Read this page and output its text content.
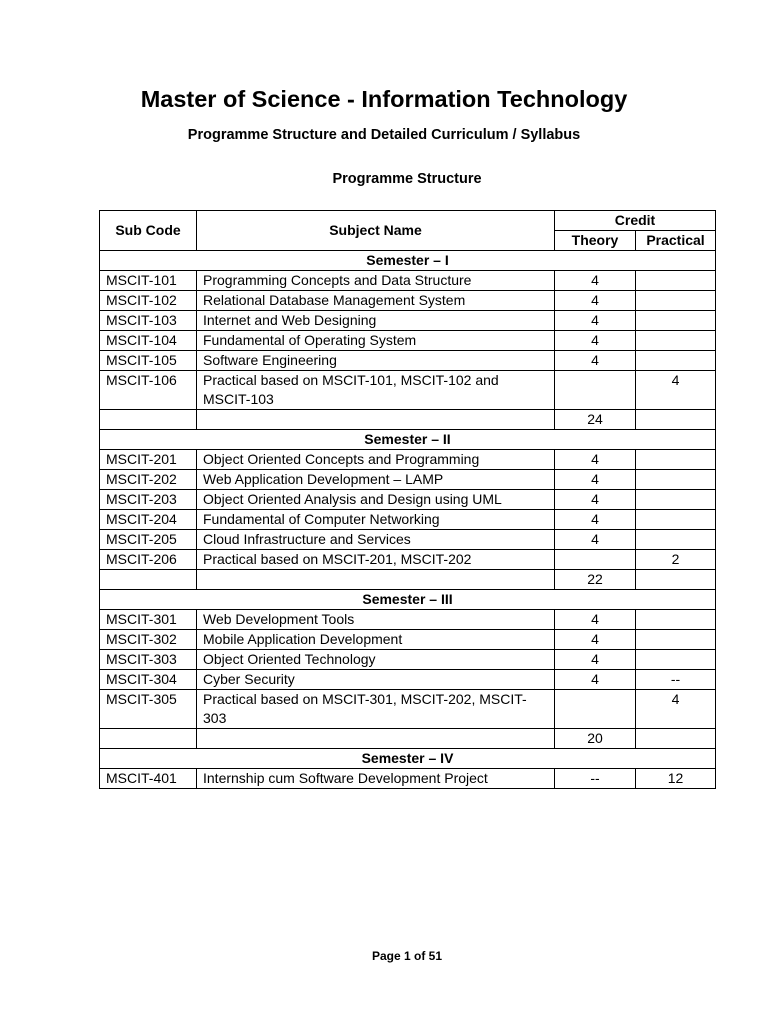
Master of Science - Information Technology
Programme Structure and Detailed Curriculum / Syllabus
Programme Structure
Sub Code	Subject Name	Credit	
		Theory	Practical
Semester – I			
MSCIT-101	Programming Concepts and Data Structure	4	
MSCIT-102	Relational Database Management System	4	
MSCIT-103	Internet and Web Designing	4	
MSCIT-104	Fundamental of Operating System	4	
MSCIT-105	Software Engineering	4	
MSCIT-106	Practical based on MSCIT-101, MSCIT-102 and MSCIT-103		4
		24	
Semester – II			
MSCIT-201	Object Oriented Concepts and Programming	4	
MSCIT-202	Web Application Development – LAMP	4	
MSCIT-203	Object Oriented Analysis and Design using UML	4	
MSCIT-204	Fundamental of Computer Networking	4	
MSCIT-205	Cloud Infrastructure and Services	4	
MSCIT-206	Practical based on MSCIT-201, MSCIT-202		2
		22	
Semester – III			
MSCIT-301	Web Development Tools	4	
MSCIT-302	Mobile Application Development	4	
MSCIT-303	Object Oriented Technology	4	
MSCIT-304	Cyber Security	4	--
MSCIT-305	Practical based on MSCIT-301, MSCIT-202, MSCIT-303		4
		20	
Semester – IV			
MSCIT-401	Internship cum Software Development Project	--	12
Page 1 of 51
